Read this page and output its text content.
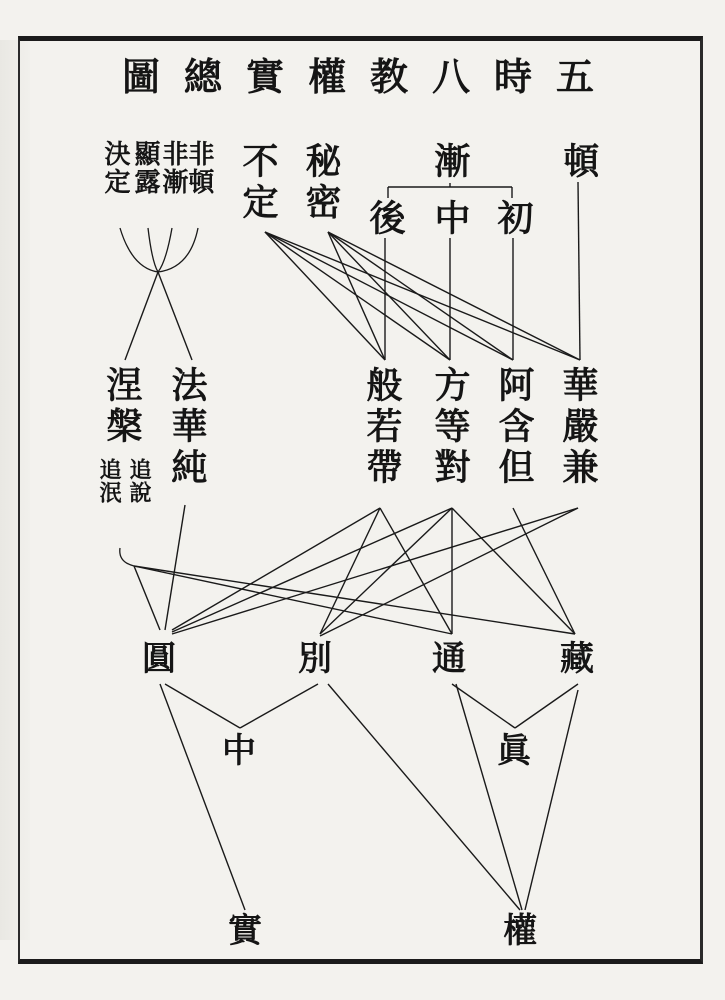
五
時
八
教
權
實
總
圖
非頓
非漸
顯露
決定	秘密
不定	漸 頓
後 中 初
涅槃
追說
追泯 法華純	般若帶 方等對 阿含但 華嚴兼
圓	別	通	藏
中	眞
實	權
